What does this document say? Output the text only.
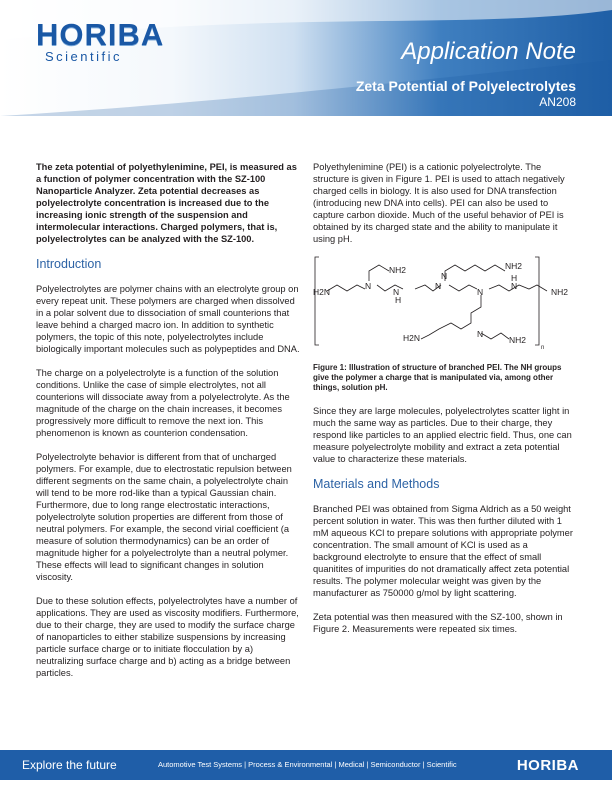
HORIBA
Scientific	Application Note
Zeta Potential of Polyelectrolytes
AN208

The zeta potential of polyethylenimine, PEI, is measured as a function of polymer concentration with the SZ-100 Nanoparticle Analyzer. Zeta potential decreases as polyelectrolyte concentration is increased due to the increasing ionic strength of the suspension and intermolecular interactions. Charged polymers, that is, polyelectrolytes can be analyzed with the SZ-100.

Introduction

Polyelectrolytes are polymer chains with an electrolyte group on every repeat unit. These polymers are charged when dissolved in a polar solvent due to dissociation of small counterions that leave behind a charged macro ion. In addition to synthetic polymers, the topic of this note, polyelectrolytes include biologically important molecules such as polypeptides and DNA.

The charge on a polyelectrolyte is a function of the solution conditions. Unlike the case of simple electrolytes, not all counterions will dissociate away from a polyelectrolyte. As the magnitude of the charge on the chain increases, it becomes progressively more difficult to remove the next ion. This phenomenon is known as counterion condensation.

Polyelectrolyte behavior is different from that of uncharged polymers. For example, due to electrostatic repulsion between different segments on the same chain, a polyelectrolyte chain will tend to be more rod-like than a typical Gaussian chain. Furthermore, due to long range electrostatic interactions, polyelectrolyte solution properties are different from those of neutral polymers. For example, the second virial coefficient (a measure of solution thermodynamics) can be an order of magnitude higher for a polyelectrolyte than a neutral polymer. These effects will lead to significant changes in solution viscosity.

Due to these solution effects, polyelectrolytes have a number of applications. They are used as viscosity modifiers. Furthermore, due to their charge, they are used to modify the surface charge of nanoparticles to either stabilize suspensions by increasing particle surface charge or to initiate flocculation by a) neutralizing surface charge and b) acting as a bridge between particles.

Polyethylenimine (PEI) is a cationic polyelectrolyte. The structure is given in Figure 1. PEI is used to attach negatively charged cells in biology. It is also used for DNA transfection (introducing new DNA into cells). PEI can also be used to capture carbon dioxide. Much of the useful behavior of PEI is obtained by its charged state and the ability to manipulate it using pH.

H2N
N
N
H
N
N
N
H
NH2
N
NH2
N
H2N	NH2
NH2
n

Figure 1: Illustration of structure of branched PEI. The NH groups give the polymer a charge that is manipulated via, among other things, solution pH.

Since they are large molecules, polyelectrolytes scatter light in much the same way as particles. Due to their charge, they respond like particles to an applied electric field. Thus, one can measure polyelectrolyte mobility and extract a zeta potential value to characterize these materials.

Materials and Methods

Branched PEI was obtained from Sigma Aldrich as a 50 weight percent solution in water. This was then further diluted with 1 mM aqueous KCl to prepare solutions with appropriate polymer concentration. The small amount of KCl is used as a background electrolyte to ensure that the effect of small quanitites of impurities do not dramatically affect zeta potential results. The polymer molecular weight was given by the manufacturer as 750000 g/mol by light scattering.

Zeta potential was then measured with the SZ-100, shown in Figure 2. Measurements were repeated six times.

Explore the future	Automotive Test Systems | Process & Environmental | Medical | Semiconductor | Scientific	HORIBA
